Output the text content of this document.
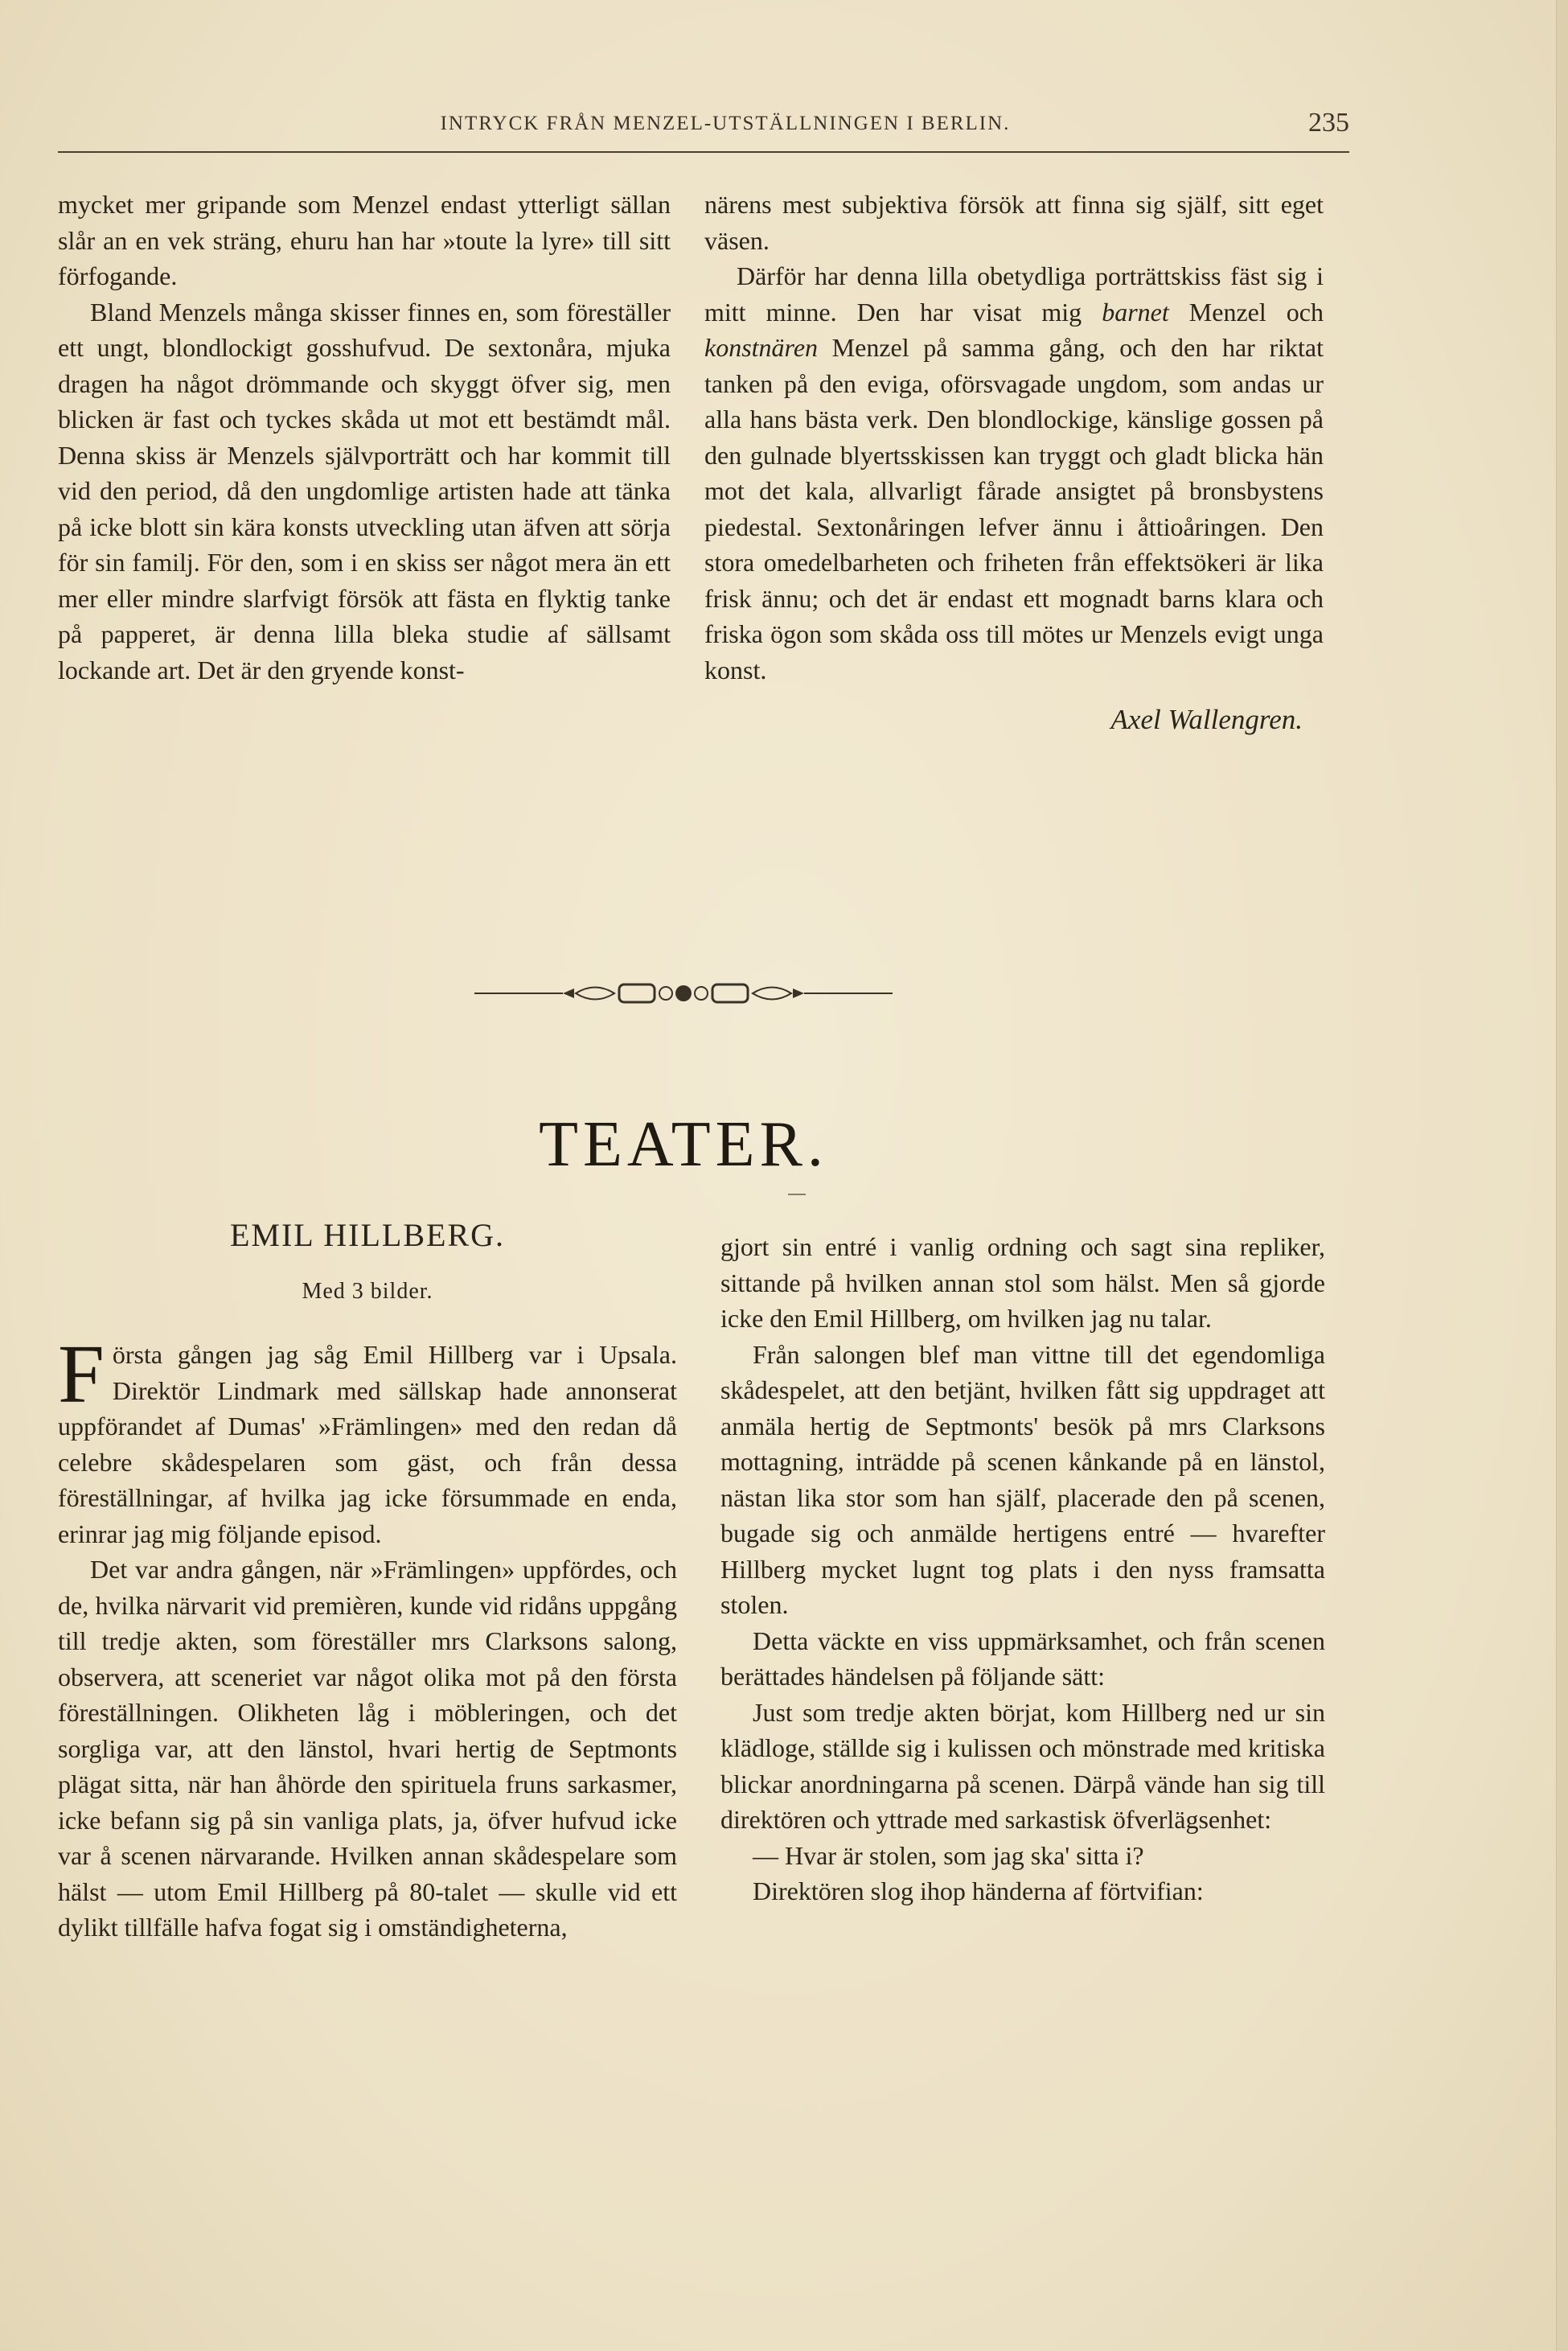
INTRYCK FRÅN MENZEL-UTSTÄLLNINGEN I BERLIN.	235

mycket mer gripande som Menzel endast ytterligt sällan slår an en vek sträng, ehuru han har »toute la lyre» till sitt förfogande.

Bland Menzels många skisser finnes en, som föreställer ett ungt, blondlockigt gosshufvud. De sextonåra, mjuka dragen ha något drömmande och skyggt öfver sig, men blicken är fast och tyckes skåda ut mot ett bestämdt mål. Denna skiss är Menzels självporträtt och har kommit till vid den period, då den ungdomlige artisten hade att tänka på icke blott sin kära konsts utveckling utan äfven att sörja för sin familj. För den, som i en skiss ser något mera än ett mer eller mindre slarfvigt försök att fästa en flyktig tanke på papperet, är denna lilla bleka studie af sällsamt lockande art. Det är den gryende konst-

närens mest subjektiva försök att finna sig själf, sitt eget väsen.

Därför har denna lilla obetydliga porträttskiss fäst sig i mitt minne. Den har visat mig barnet Menzel och konstnären Menzel på samma gång, och den har riktat tanken på den eviga, oförsvagade ungdom, som andas ur alla hans bästa verk. Den blondlockige, känslige gossen på den gulnade blyertsskissen kan tryggt och gladt blicka hän mot det kala, allvarligt fårade ansigtet på bronsbystens piedestal. Sextonåringen lefver ännu i åttioåringen. Den stora omedelbarheten och friheten från effektsökeri är lika frisk ännu; och det är endast ett mognadt barns klara och friska ögon som skåda oss till mötes ur Menzels evigt unga konst.

Axel Wallengren.
TEATER.
EMIL HILLBERG.
Med 3 bilder.

Första gången jag såg Emil Hillberg var i Upsala. Direktör Lindmark med sällskap hade annonserat uppförandet af Dumas' »Främlingen» med den redan då celebre skådespelaren som gäst, och från dessa föreställningar, af hvilka jag icke försummade en enda, erinrar jag mig följande episod.

Det var andra gången, när »Främlingen» uppfördes, och de, hvilka närvarit vid premièren, kunde vid ridåns uppgång till tredje akten, som föreställer mrs Clarksons salong, observera, att sceneriet var något olika mot på den första föreställningen. Olikheten låg i möbleringen, och det sorgliga var, att den länstol, hvari hertig de Septmonts plägat sitta, när han åhörde den spirituela fruns sarkasmer, icke befann sig på sin vanliga plats, ja, öfver hufvud icke var å scenen närvarande. Hvilken annan skådespelare som hälst — utom Emil Hillberg på 80-talet — skulle vid ett dylikt tillfälle hafva fogat sig i omständigheterna,

gjort sin entré i vanlig ordning och sagt sina repliker, sittande på hvilken annan stol som hälst. Men så gjorde icke den Emil Hillberg, om hvilken jag nu talar.

Från salongen blef man vittne till det egendomliga skådespelet, att den betjänt, hvilken fått sig uppdraget att anmäla hertig de Septmonts' besök på mrs Clarksons mottagning, inträdde på scenen kånkande på en länstol, nästan lika stor som han själf, placerade den på scenen, bugade sig och anmälde hertigens entré — hvarefter Hillberg mycket lugnt tog plats i den nyss framsatta stolen.

Detta väckte en viss uppmärksamhet, och från scenen berättades händelsen på följande sätt:

Just som tredje akten börjat, kom Hillberg ned ur sin klädloge, ställde sig i kulissen och mönstrade med kritiska blickar anordningarna på scenen. Därpå vände han sig till direktören och yttrade med sarkastisk öfverlägsenhet:

— Hvar är stolen, som jag ska' sitta i?

Direktören slog ihop händerna af förtvifian:
